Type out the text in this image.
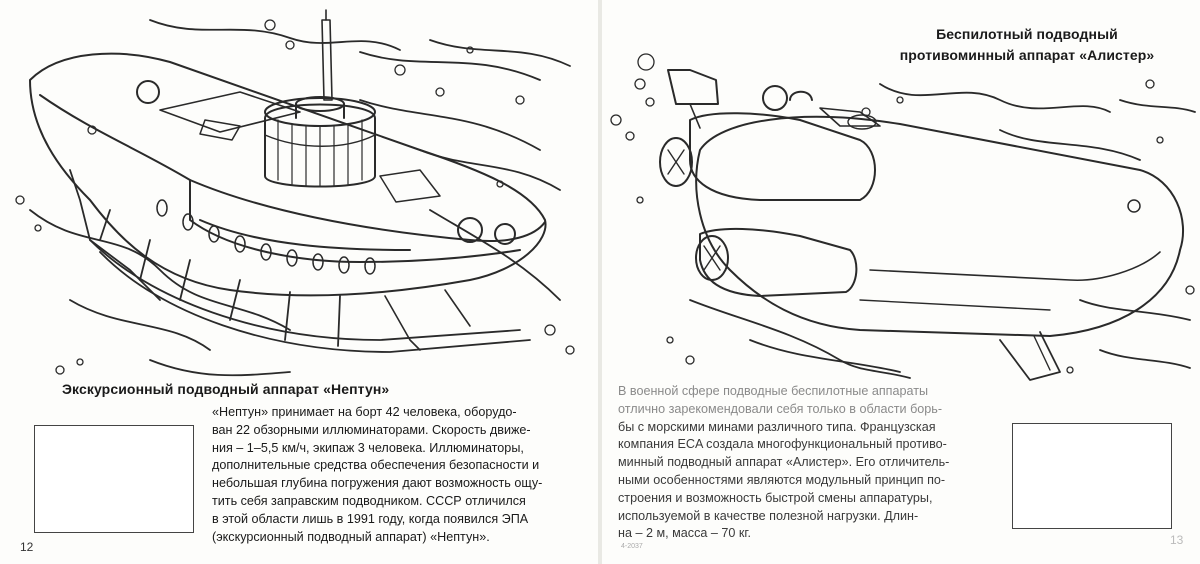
Экскурсионный подводный аппарат «Нептун»
«Нептун» принимает на борт 42 человека, оборудо-
ван 22 обзорными иллюминаторами. Скорость движе-
ния – 1–5,5 км/ч, экипаж 3 человека. Иллюминаторы,
дополнительные средства обеспечения безопасности и
небольшая глубина погружения дают возможность ощу-
тить себя заправским подводником. СССР отличился
в этой области лишь в 1991 году, когда появился ЭПА
(экскурсионный подводный аппарат) «Нептун».
12
Беспилотный подводный
противоминный аппарат «Алистер»
В военной сфере подводные беспилотные аппараты
отлично зарекомендовали себя только в области борь-
бы с морскими минами различного типа. Французская
компания ECA создала многофункциональный противо-
минный подводный аппарат «Алистер». Его отличитель-
ными особенностями являются модульный принцип по-
строения и возможность быстрой смены аппаратуры,
используемой в качестве полезной нагрузки. Длин-
на – 2 м, масса – 70 кг.
4-2037	13
